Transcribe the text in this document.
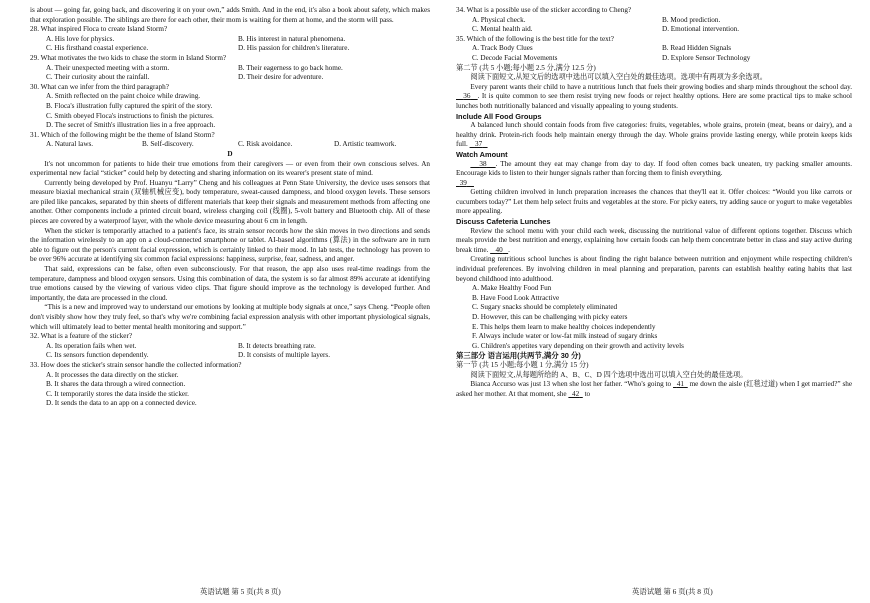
is about — going far, going back, and discovering it on your own,” adds Smith. And in the end, it's also a book about safety, which makes that exploration possible. The siblings are there for each other, their mom is waiting for them at home, and the storm will pass.

28. What inspired Floca to create Island Storm?

A. His love for physics.	B. His interest in natural phenomena.
C. His firsthand coastal experience.	D. His passion for children's literature.

29. What motivates the two kids to chase the storm in Island Storm?

A. Their unexpected meeting with a storm.	B. Their eagerness to go back home.
C. Their curiosity about the rainfall.	D. Their desire for adventure.

30. What can we infer from the third paragraph?

A. Smith reflected on the paint choice while drawing.

B. Floca's illustration fully captured the spirit of the story.

C. Smith obeyed Floca's instructions to finish the pictures.

D. The secret of Smith's illustration lies in a free approach.

31. Which of the following might be the theme of Island Storm?

A. Natural laws.	B. Self-discovery.	C. Risk avoidance.	D. Artistic teamwork.

D

It's not uncommon for patients to hide their true emotions from their caregivers — or even from their own conscious selves. An experimental new facial “sticker” could help by detecting and sharing information on its wearer's present state of mind.

Currently being developed by Prof. Huanyu “Larry” Cheng and his colleagues at Penn State University, the device uses sensors that measure biaxial mechanical strain (双轴机械应变), body temperature, sweat-caused dampness, and blood oxygen levels. These sensors are piled like pancakes, separated by thin sheets of different materials that keep their signals and measurement methods from affecting one another. Other components include a printed circuit board, wireless charging coil (线圈), 5-volt battery and Bluetooth chip. All of these pieces are covered by a waterproof layer, with the whole device measuring about 6 cm in length.

When the sticker is temporarily attached to a patient's face, its strain sensor records how the skin moves in two directions and sends the information wirelessly to an app on a cloud-connected smartphone or tablet. AI-based algorithms (算法) in the software are in turn able to figure out the person's current facial expression, which is certainly linked to their mood. In lab tests, the technology has proven to be over 96% accurate at identifying six common facial expressions: happiness, surprise, fear, sadness, and anger.

That said, expressions can be false, often even subconsciously. For that reason, the app also uses real-time readings from the temperature, dampness and blood oxygen sensors. Using this combination of data, the system is so far almost 89% accurate at identifying true emotions caused by the viewing of various video clips. That figure should improve as the technology is developed further. And importantly, the data are processed in the cloud.

“This is a new and improved way to understand our emotions by looking at multiple body signals at once,” says Cheng. “People often don't visibly show how they truly feel, so that's why we're combining facial expression analysis with other important physiological signals, which will ultimately lead to better mental health monitoring and support.”

32. What is a feature of the sticker?

A. Its operation fails when wet.	B. It detects breathing rate.
C. Its sensors function dependently.	D. It consists of multiple layers.

33. How does the sticker's strain sensor handle the collected information?

A. It processes the data directly on the sticker.

B. It shares the data through a wired connection.

C. It temporarily stores the data inside the sticker.

D. It sends the data to an app on a connected device.

34. What is a possible use of the sticker according to Cheng?

A. Physical check.	B. Mood prediction.
C. Mental health aid.	D. Emotional intervention.

35. Which of the following is the best title for the text?

A. Track Body Clues	B. Read Hidden Signals
C. Decode Facial Movements	D. Explore Sensor Technology

第二节 (共 5 小题;每小题 2.5 分,满分 12.5 分)

阅读下面短文,从短文后的选项中选出可以填入空白处的最佳选项。选项中有两项为多余选项。

Every parent wants their child to have a nutritious lunch that fuels their growing bodies and sharp minds throughout the school day.    36 . It is quite common to see them resist trying new foods or reject healthy options. Here are some practical tips to make school lunches both nutritionally balanced and visually appealing to young students.

Include All Food Groups

A balanced lunch should contain foods from five categories: fruits, vegetables, whole grains, protein (meat, beans or dairy), and a healthy drink. Protein-rich foods help maintain energy through the day. Whole grains provide lasting energy, while protein keeps kids full. 37

Watch Amount

38 . The amount they eat may change from day to day. If food often comes back uneaten, try packing smaller amounts. Encourage kids to listen to their hunger signals rather than forcing them to finish everything.

39

Getting children involved in lunch preparation increases the chances that they'll eat it. Offer choices: “Would you like carrots or cucumbers today?” Let them help select fruits and vegetables at the store. For picky eaters, try adding sauce or yogurt to make vegetables more appealing.

Discuss Cafeteria Lunches

Review the school menu with your child each week, discussing the nutritional value of different options together. Discuss which meals provide the best nutrition and energy, explaining how certain foods can help them concentrate better in class and stay active during break time. 40 .

Creating nutritious school lunches is about finding the right balance between nutrition and enjoyment while respecting children's individual preferences. By involving children in meal planning and preparation, parents can establish healthy eating habits that last beyond childhood into adulthood.

A. Make Healthy Food Fun

B. Have Food Look Attractive

C. Sugary snacks should be completely eliminated

D. However, this can be challenging with picky eaters

E. This helps them learn to make healthy choices independently

F. Always include water or low-fat milk instead of sugary drinks

G. Children's appetites vary depending on their growth and activity levels

第三部分 语言运用(共两节,满分 30 分)

第一节 (共 15 小题;每小题 1 分,满分 15 分)

阅读下面短文,从每题所给的 A、B、C、D 四个选项中选出可以填入空白处的最佳选项。

Bianca Accurso was just 13 when she lost her father. “Who's going to 41 me down the aisle (红毯过道) when I get married?” she asked her mother. At that moment, she 42 to

英语试题 第 5 页(共 8 页)	英语试题 第 6 页(共 8 页)
